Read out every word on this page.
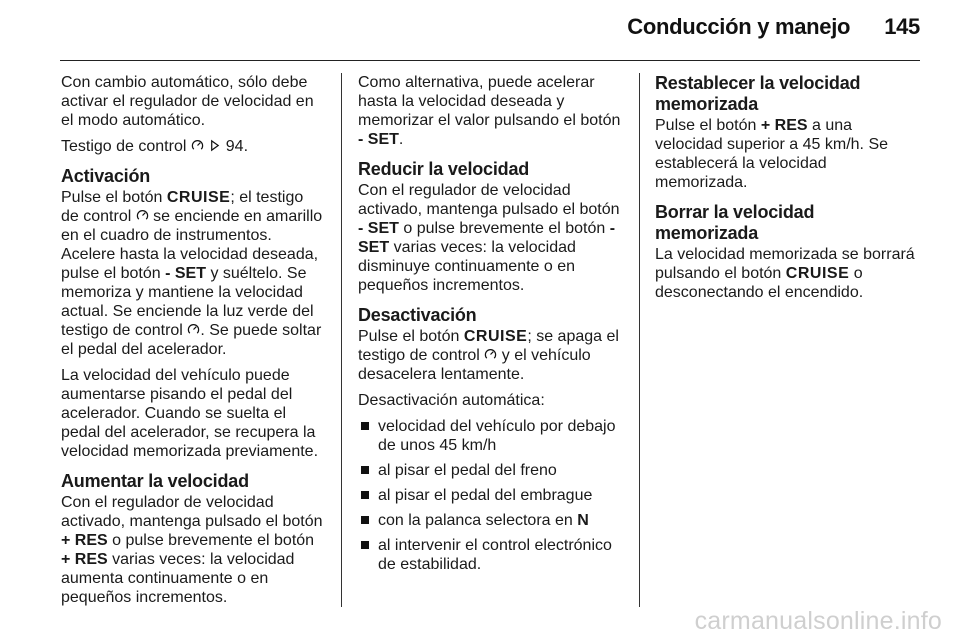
Conducción y manejo 145

Con cambio automático, sólo debe activar el regulador de velocidad en el modo automático.

Testigo de control 94.

Activación

Pulse el botón CRUISE; el testigo de control se enciende en amarillo en el cuadro de instrumentos. Acelere hasta la velocidad deseada, pulse el botón - SET y suéltelo. Se memoriza y mantiene la velocidad actual. Se enciende la luz verde del testigo de control . Se puede soltar el pedal del acelerador.

La velocidad del vehículo puede aumentarse pisando el pedal del acelerador. Cuando se suelta el pedal del acelerador, se recupera la velocidad memorizada previamente.

Aumentar la velocidad

Con el regulador de velocidad activado, mantenga pulsado el botón + RES o pulse brevemente el botón + RES varias veces: la velocidad aumenta continuamente o en pequeños incrementos.

Como alternativa, puede acelerar hasta la velocidad deseada y memorizar el valor pulsando el botón - SET.

Reducir la velocidad

Con el regulador de velocidad activado, mantenga pulsado el botón - SET o pulse brevemente el botón - SET varias veces: la velocidad disminuye continuamente o en pequeños incrementos.

Desactivación

Pulse el botón CRUISE; se apaga el testigo de control y el vehículo desacelera lentamente.

Desactivación automática:

velocidad del vehículo por debajo de unos 45 km/h
al pisar el pedal del freno
al pisar el pedal del embrague
con la palanca selectora en N
al intervenir el control electrónico de estabilidad.
Restablecer la velocidad memorizada

Pulse el botón + RES a una velocidad superior a 45 km/h. Se establecerá la velocidad memorizada.

Borrar la velocidad memorizada

La velocidad memorizada se borrará pulsando el botón CRUISE o desconectando el encendido.

carmanualsonline.info
